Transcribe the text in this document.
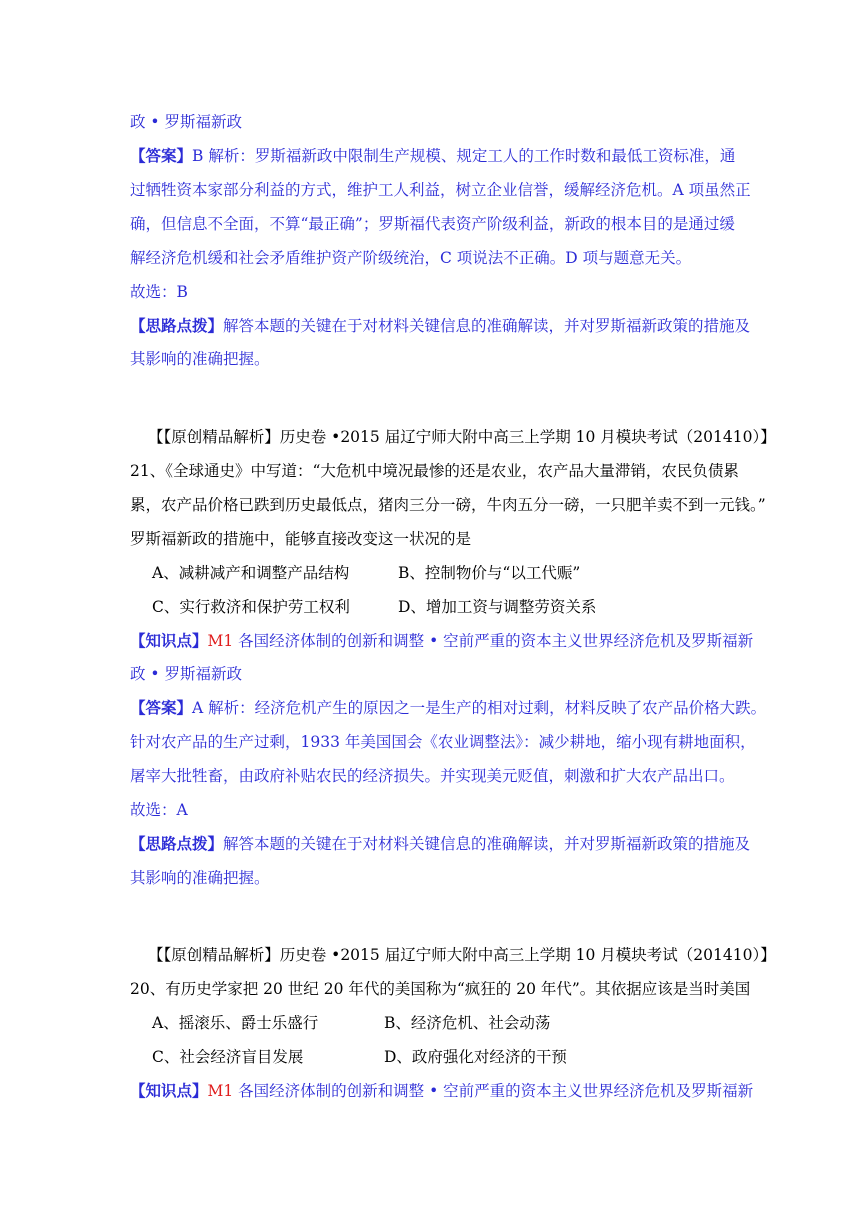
政 • 罗斯福新政
【答案】B 解析：罗斯福新政中限制生产规模、规定工人的工作时数和最低工资标准，通
过牺牲资本家部分利益的方式，维护工人利益，树立企业信誉，缓解经济危机。A 项虽然正
确，但信息不全面，不算“最正确”；罗斯福代表资产阶级利益，新政的根本目的是通过缓
解经济危机缓和社会矛盾维护资产阶级统治，C 项说法不正确。D 项与题意无关。
故选：B
【思路点拨】解答本题的关键在于对材料关键信息的准确解读，并对罗斯福新政策的措施及
其影响的准确把握。
【【原创精品解析】历史卷 •2015 届辽宁师大附中高三上学期 10 月模块考试（201410）】
21、《全球通史》中写道：“大危机中境况最惨的还是农业，农产品大量滞销，农民负债累
累，农产品价格已跌到历史最低点，猪肉三分一磅，牛肉五分一磅，一只肥羊卖不到一元钱。”
罗斯福新政的措施中，能够直接改变这一状况的是
A、减耕减产和调整产品结构	B、控制物价与“以工代赈”
C、实行救济和保护劳工权利	D、增加工资与调整劳资关系
【知识点】M1 各国经济体制的创新和调整 • 空前严重的资本主义世界经济危机及罗斯福新
政 • 罗斯福新政
【答案】A 解析：经济危机产生的原因之一是生产的相对过剩，材料反映了农产品价格大跌。
针对农产品的生产过剩，1933 年美国国会《农业调整法》：减少耕地，缩小现有耕地面积，
屠宰大批牲畜，由政府补贴农民的经济损失。并实现美元贬值，刺激和扩大农产品出口。
故选：A
【思路点拨】解答本题的关键在于对材料关键信息的准确解读，并对罗斯福新政策的措施及
其影响的准确把握。
【【原创精品解析】历史卷 •2015 届辽宁师大附中高三上学期 10 月模块考试（201410）】
20、有历史学家把 20 世纪 20 年代的美国称为“疯狂的 20 年代”。其依据应该是当时美国
A、摇滚乐、爵士乐盛行	B、经济危机、社会动荡
C、社会经济盲目发展	D、政府强化对经济的干预
【知识点】M1 各国经济体制的创新和调整 • 空前严重的资本主义世界经济危机及罗斯福新
